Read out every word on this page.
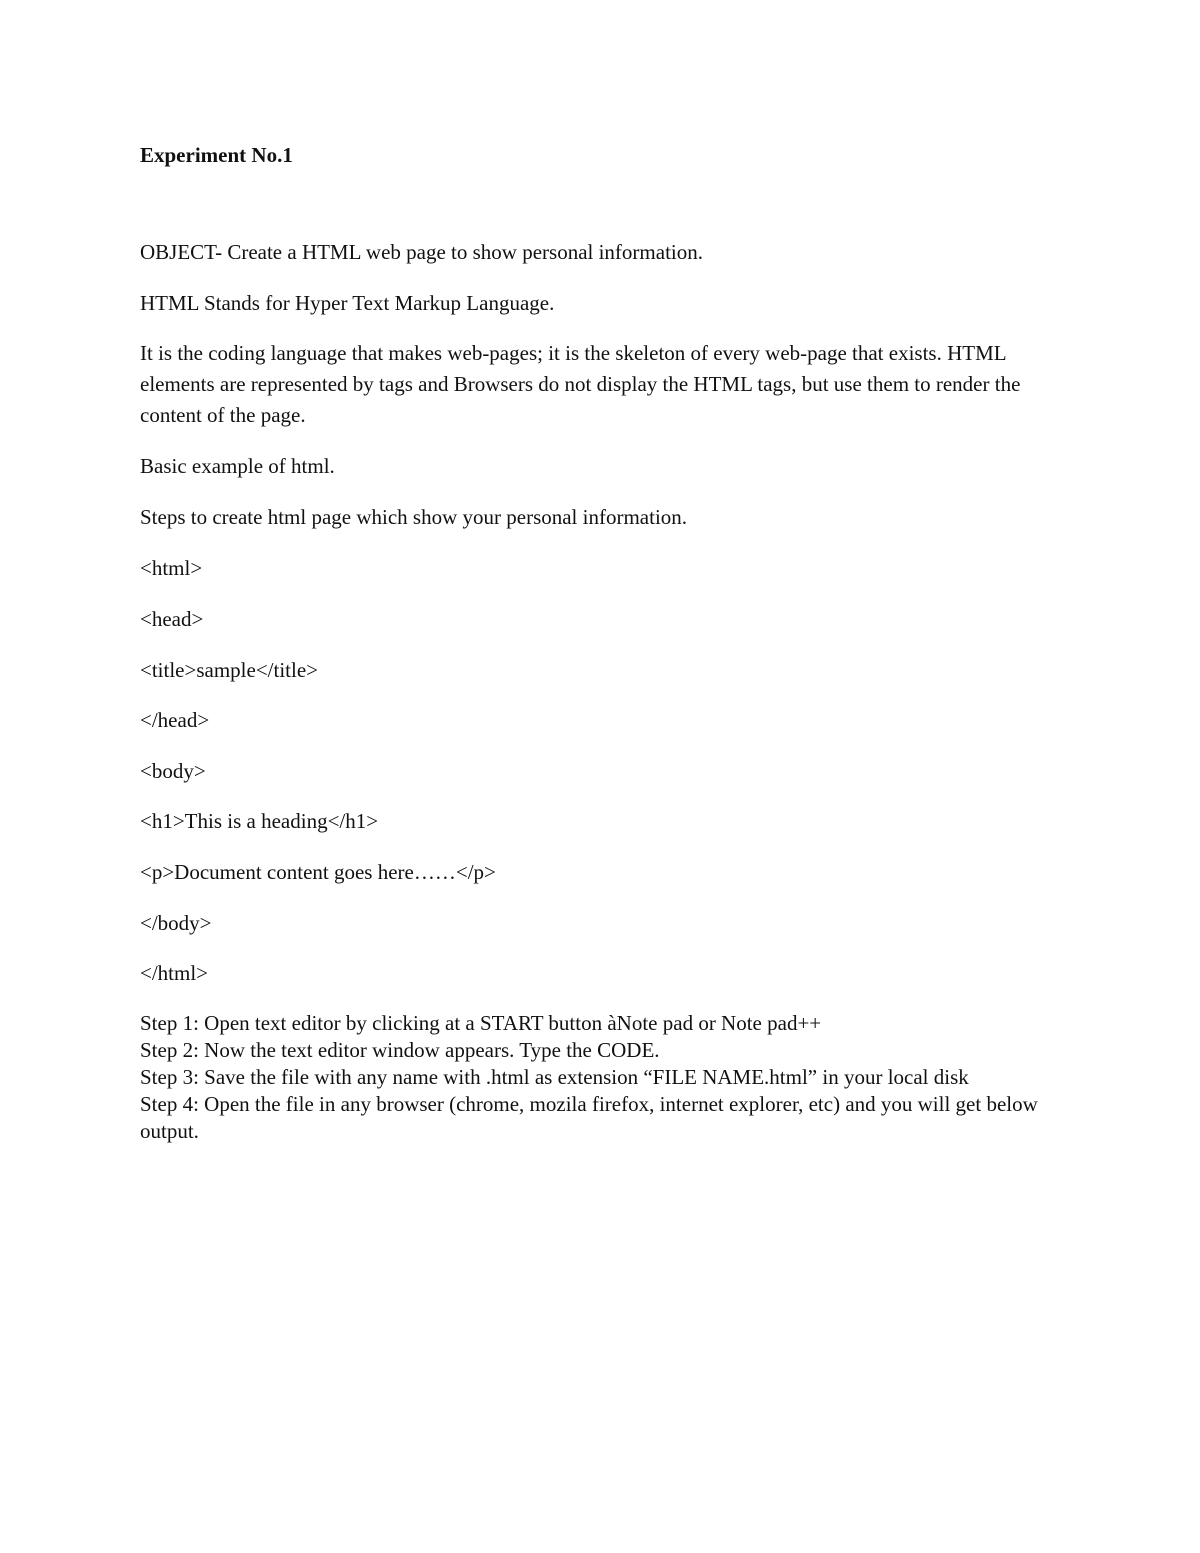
Experiment No.1
OBJECT- Create a HTML web page to show personal information.
HTML Stands for Hyper Text Markup Language.
It is the coding language that makes web-pages; it is the skeleton of every web-page that exists. HTML elements are represented by tags and Browsers do not display the HTML tags, but use them to render the content of the page.
Basic example of html.
Steps to create html page which show your personal information.
<html>
<head>
<title>sample</title>
</head>
<body>
<h1>This is a heading</h1>
<p>Document content goes here……</p>
</body>
</html>
Step 1: Open text editor by clicking at a START button àNote pad or Note pad++
Step 2: Now the text editor window appears. Type the CODE.
Step 3: Save the file with any name with .html as extension “FILE NAME.html” in your local disk
Step 4: Open the file in any browser (chrome, mozila firefox, internet explorer, etc) and you will get below output.
